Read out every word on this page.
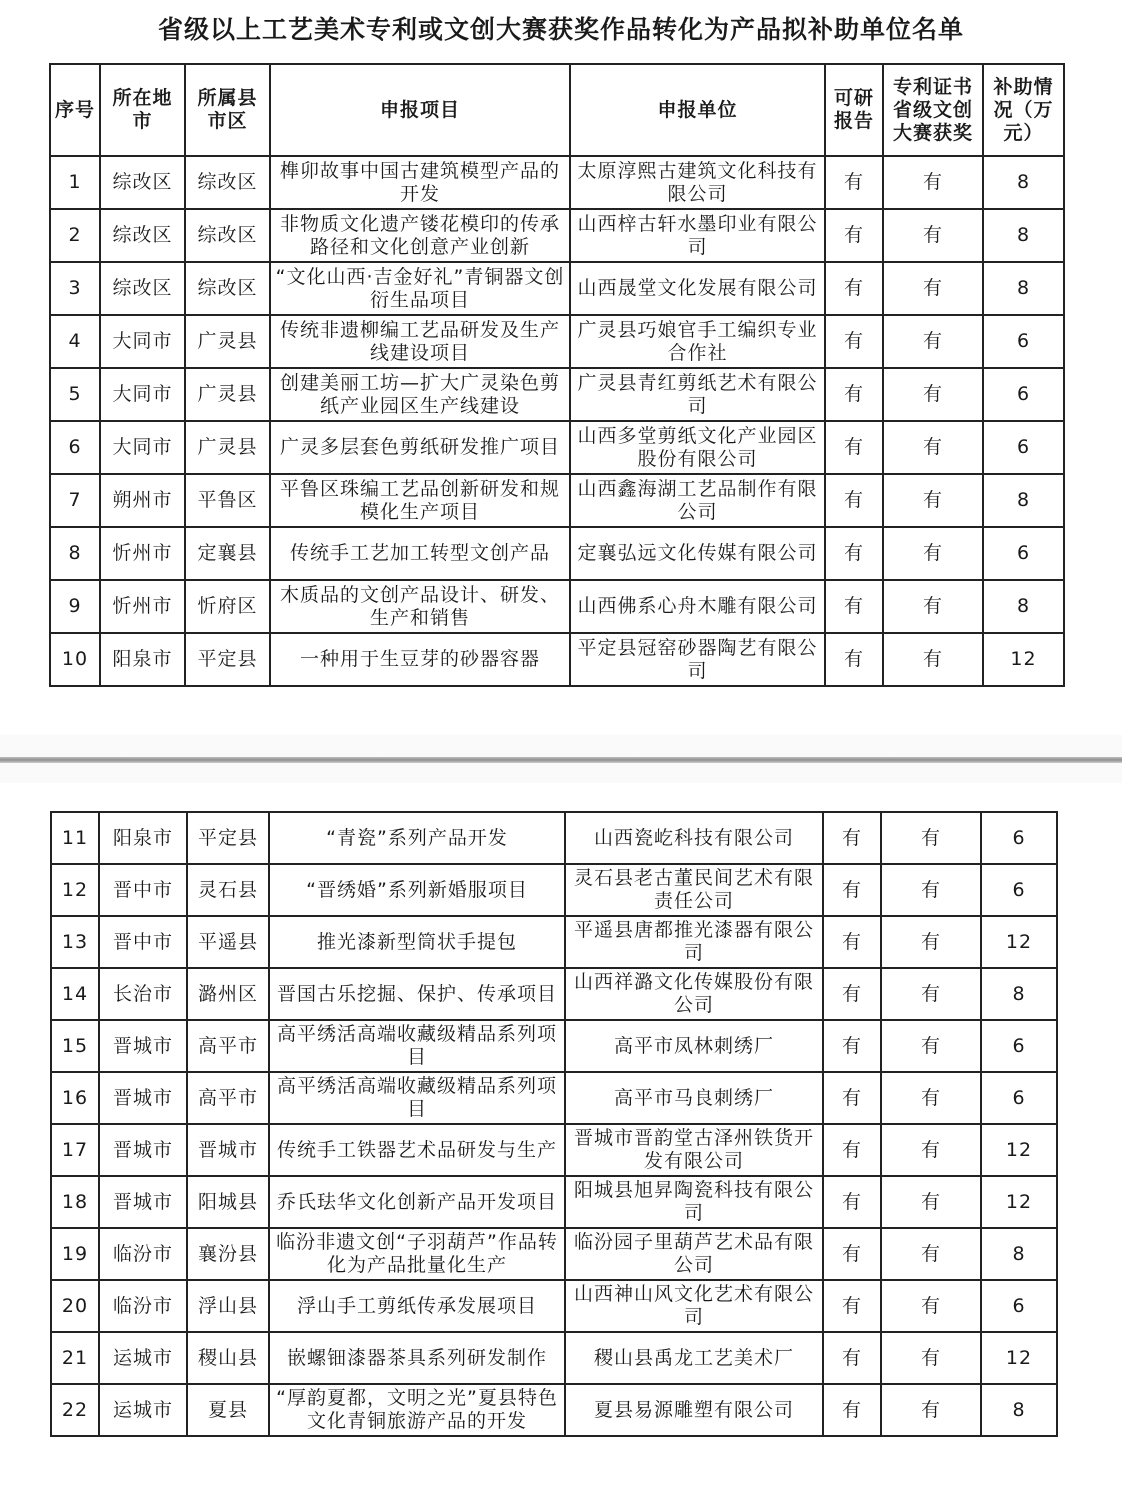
省级以上工艺美术专利或文创大赛获奖作品转化为产品拟补助单位名单
序号	所在地市	所属县市区	申报项目	申报单位	可研报告	专利证书省级文创大赛获奖	补助情况（万元）
1	综改区	综改区	榫卯故事中国古建筑模型产品的开发	太原淳熙古建筑文化科技有限公司	有	有	8
2	综改区	综改区	非物质文化遗产镂花模印的传承路径和文化创意产业创新	山西梓古轩水墨印业有限公司	有	有	8
3	综改区	综改区	“文化山西·吉金好礼”青铜器文创衍生品项目	山西晟堂文化发展有限公司	有	有	8
4	大同市	广灵县	传统非遗柳编工艺品研发及生产线建设项目	广灵县巧娘官手工编织专业合作社	有	有	6
5	大同市	广灵县	创建美丽工坊—扩大广灵染色剪纸产业园区生产线建设	广灵县青红剪纸艺术有限公司	有	有	6
6	大同市	广灵县	广灵多层套色剪纸研发推广项目	山西多堂剪纸文化产业园区股份有限公司	有	有	6
7	朔州市	平鲁区	平鲁区珠编工艺品创新研发和规模化生产项目	山西鑫海湖工艺品制作有限公司	有	有	8
8	忻州市	定襄县	传统手工艺加工转型文创产品	定襄弘远文化传媒有限公司	有	有	6
9	忻州市	忻府区	木质品的文创产品设计、研发、生产和销售	山西佛系心舟木雕有限公司	有	有	8
10	阳泉市	平定县	一种用于生豆芽的砂器容器	平定县冠窑砂器陶艺有限公司	有	有	12
11	阳泉市	平定县	“青瓷”系列产品开发	山西瓷屹科技有限公司	有	有	6
12	晋中市	灵石县	“晋绣婚”系列新婚服项目	灵石县老古董民间艺术有限责任公司	有	有	6
13	晋中市	平遥县	推光漆新型筒状手提包	平遥县唐都推光漆器有限公司	有	有	12
14	长治市	潞州区	晋国古乐挖掘、保护、传承项目	山西祥潞文化传媒股份有限公司	有	有	8
15	晋城市	高平市	高平绣活高端收藏级精品系列项目	高平市凤林刺绣厂	有	有	6
16	晋城市	高平市	高平绣活高端收藏级精品系列项目	高平市马良刺绣厂	有	有	6
17	晋城市	晋城市	传统手工铁器艺术品研发与生产	晋城市晋韵堂古泽州铁货开发有限公司	有	有	12
18	晋城市	阳城县	乔氏珐华文化创新产品开发项目	阳城县旭昇陶瓷科技有限公司	有	有	12
19	临汾市	襄汾县	临汾非遗文创“子羽葫芦”作品转化为产品批量化生产	临汾园子里葫芦艺术品有限公司	有	有	8
20	临汾市	浮山县	浮山手工剪纸传承发展项目	山西神山风文化艺术有限公司	有	有	6
21	运城市	稷山县	嵌螺钿漆器茶具系列研发制作	稷山县禹龙工艺美术厂	有	有	12
22	运城市	夏县	“厚韵夏都，文明之光”夏县特色文化青铜旅游产品的开发	夏县易源雕塑有限公司	有	有	8
